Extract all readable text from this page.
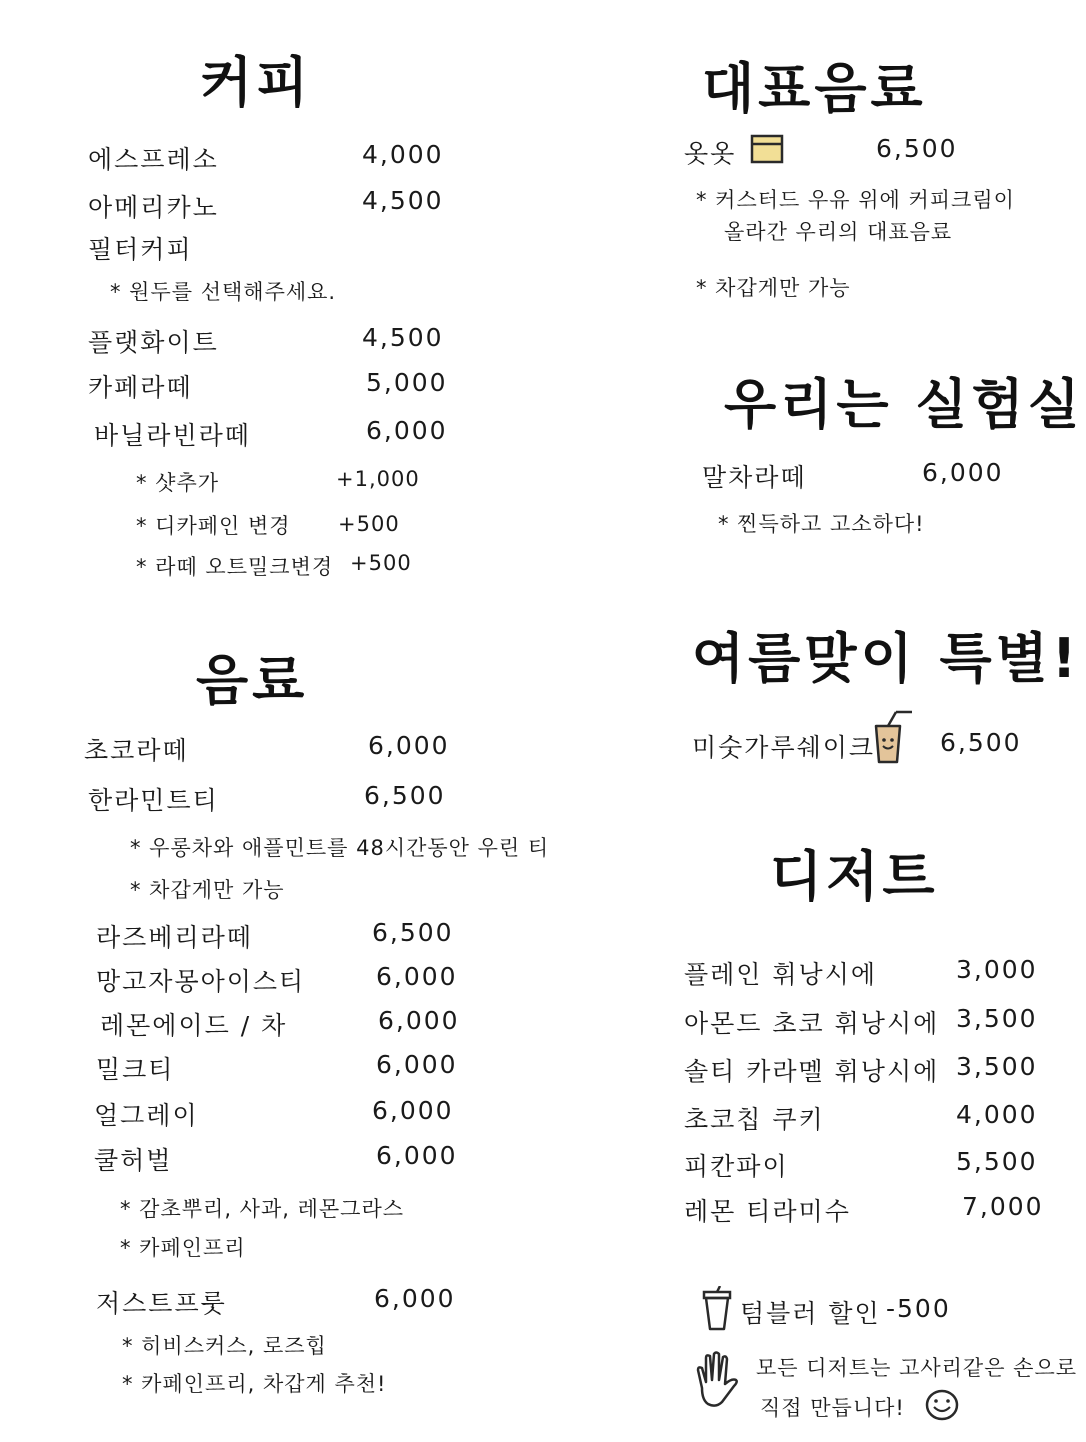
커피
에스프레소	4,000
아메리카노	4,500
필터커피
* 원두를 선택해주세요.
플랫화이트	4,500
카페라떼	5,000
바닐라빈라떼	6,000
* 샷추가	+1,000
* 디카페인 변경 +500
* 라떼 오트밀크변경 +500
음료
초코라떼	6,000
한라민트티	6,500
* 우롱차와 애플민트를 48시간동안 우린 티
* 차갑게만 가능
라즈베리라떼	6,500
망고자몽아이스티	6,000
레몬에이드 / 차	6,000
밀크티	6,000
얼그레이	6,000
쿨허벌	6,000
* 감초뿌리, 사과, 레몬그라스
* 카페인프리
저스트프룻	6,000
* 히비스커스, 로즈힙
* 카페인프리, 차갑게 추천!
대표음료
옷옷	6,500
* 커스터드 우유 위에 커피크림이
올라간 우리의 대표음료
* 차갑게만 가능
우리는 실험실
말차라떼	6,000
* 찐득하고 고소하다!
여름맞이 특별!
미숫가루쉐이크	6,500
디저트
플레인 휘낭시에	3,000
아몬드 초코 휘낭시에 3,500
솔티 카라멜 휘낭시에 3,500
초코칩 쿠키	4,000
피칸파이	5,500
레몬 티라미수	7,000
텀블러 할인 -500
모든 디저트는 고사리같은 손으로
직접 만듭니다!
